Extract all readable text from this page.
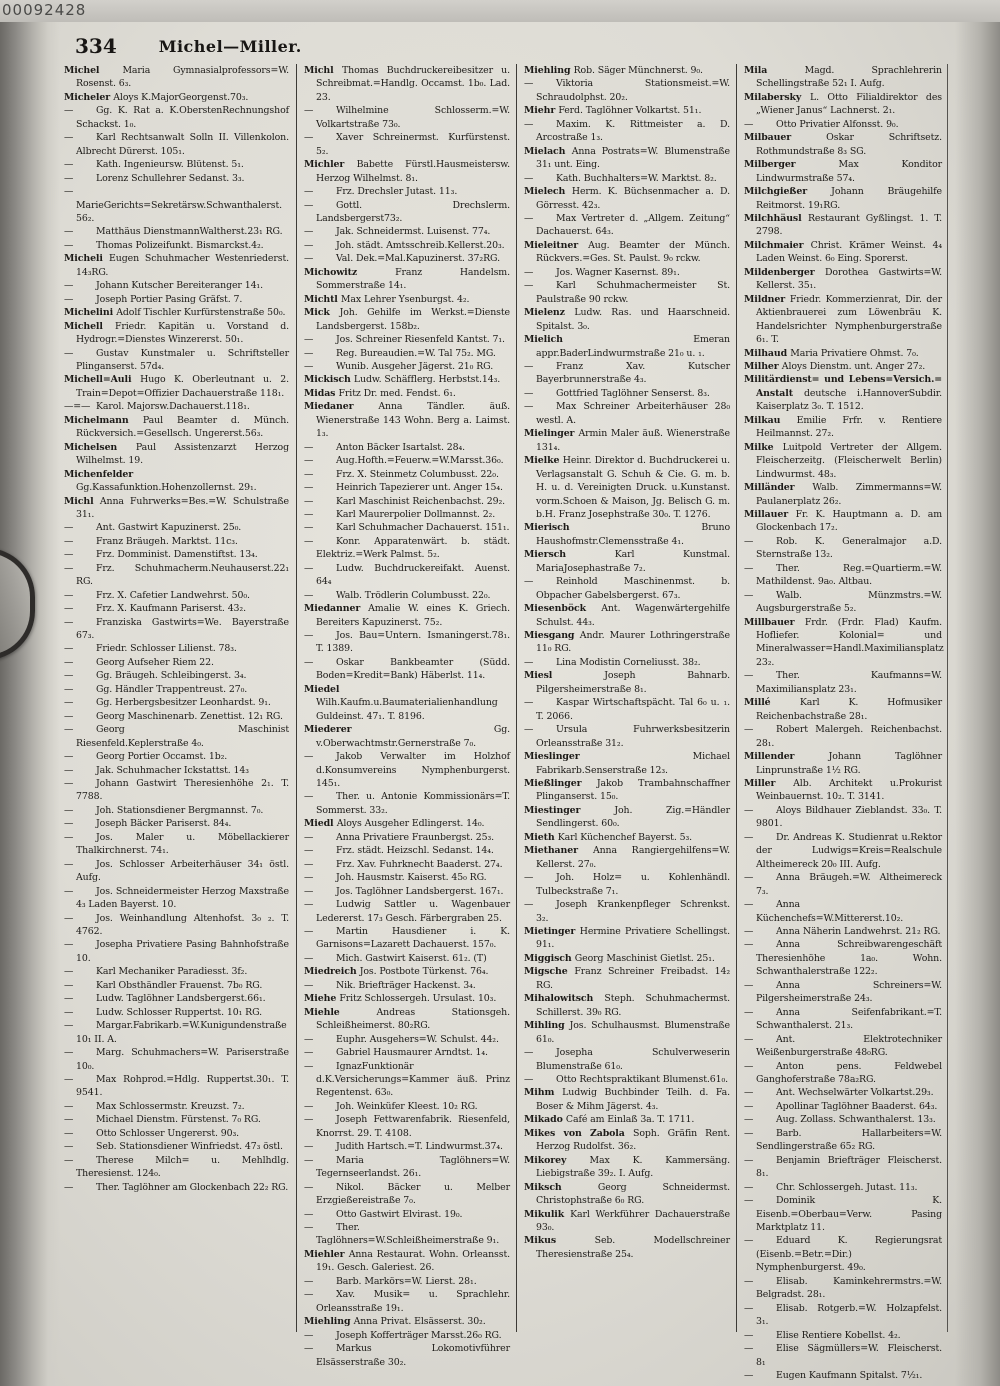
00092428
334	Michel—Miller.
Michel Maria Gymnasialprofessors=W. Rosenst. 6₃.
Micheler Aloys K.MajorGeorgenst.70₃.
— Gg. K. Rat a. K.OberstenRechnungshof Schackst. 1₀.
— Karl Rechtsanwalt Solln II. Villenkolon. Albrecht Dürerst. 105₁.
— Kath. Ingenieursw. Blütenst. 5₁.
— Lorenz Schullehrer Sedanst. 3₃.
—MarieGerichts=Sekretärsw.Schwanthalerst. 56₂.
— Matthäus DienstmannWaltherst.23₁ RG.
— Thomas Polizeifunkt. Bismarckst.4₂.
Micheli Eugen Schuhmacher Westenriederst. 14₃RG.
— Johann Kutscher Bereiteranger 14₁.
— Joseph Portier Pasing Gräfst. 7.
Michelini Adolf Tischler Kurfürstenstraße 50₀.
Michell Friedr. Kapitän u. Vorstand d. Hydrogr.=Dienstes Winzererst. 50₁.
— Gustav Kunstmaler u. Schriftsteller Plinganserst. 57d₄.
Michell=Auli Hugo K. Oberleutnant u. 2. Train=Depot=Offizier Dachauerstraße 118₁.
—=— Karol. Majorsw.Dachauerst.118₁.
Michelmann Paul Beamter d. Münch. Rückversich.=Gesellsch. Ungererst.56₃.
Michelsen Paul Assistenzarzt Herzog Wilhelmst. 19.
Michenfelder Gg.Kassafunktion.Hohenzollernst. 29₁.
Michl Anna Fuhrwerks=Bes.=W. Schulstraße 31₁.
— Ant. Gastwirt Kapuzinerst. 25₀.
— Franz Bräugeh. Marktst. 11c₃.
— Frz. Domminist. Damenstiftst. 13₄.
— Frz. Schuhmacherm.Neuhauserst.22₁ RG.
— Frz. X. Cafetier Landwehrst. 50₀.
— Frz. X. Kaufmann Pariserst. 43₂.
— Franziska Gastwirts=We. Bayerstraße 67₃.
— Friedr. Schlosser Lilienst. 78₃.
— Georg Aufseher Riem 22.
— Gg. Bräugeh. Schleibingerst. 3₄.
— Gg. Händler Trappentreust. 27₀.
— Gg. Herbergsbesitzer Leonhardst. 9₁.
— Georg Maschinenarb. Zenettist. 12₁ RG.
— Georg Maschinist Riesenfeld.Keplerstraße 4₀.
— Georg Portier Occamst. 1b₂.
— Jak. Schuhmacher Ickstattst. 14₃
— Johann Gastwirt Theresienhöhe 2₁. T. 7788.
— Joh. Stationsdiener Bergmannst. 7₀.
— Joseph Bäcker Pariserst. 84₄.
— Jos. Maler u. Möbellackierer Thalkirchnerst. 74₁.
— Jos. Schlosser Arbeiterhäuser 34₁ östl. Aufg.
— Jos. Schneidermeister Herzog Maxstraße 4₃ Laden Bayerst. 10.
— Jos. Weinhandlung Altenhofst. 3₀ ₂. T. 4762.
— Josepha Privatiere Pasing Bahnhofstraße 10.
— Karl Mechaniker Paradiesst. 3f₂.
— Karl Obsthändler Frauenst. 7b₀ RG.
— Ludw. Taglöhner Landsbergerst.66₁.
— Ludw. Schlosser Ruppertst. 10₁ RG.
— Margar.Fabrikarb.=W.Kunigundenstraße 10₁ II. A.
— Marg. Schuhmachers=W. Pariserstraße 10₀.
— Max Rohprod.=Hdlg. Ruppertst.30₁. T. 9541.
— Max Schlossermstr. Kreuzst. 7₂.
— Michael Dienstm. Fürstenst. 7₀ RG.
— Otto Schlosser Ungererst. 90₃.
— Seb. Stationsdiener Winfriedst. 47₃ östl.
— Therese Milch= u. Mehlhdlg. Theresienst. 124₀.
— Ther. Taglöhner am Glockenbach 22₂ RG.
Michl Thomas Buchdruckereibesitzer u. Schreibmat.=Handlg. Occamst. 1b₀. Lad. 23.
— Wilhelmine Schlosserm.=W. Volkartstraße 73₀.
— Xaver Schreinermst. Kurfürstenst. 5₂.
Michler Babette Fürstl.Hausmeistersw. Herzog Wilhelmst. 8₁.
— Frz. Drechsler Jutast. 11₃.
— Gottl. Drechslerm. Landsbergerst73₂.
— Jak. Schneidermst. Luisenst. 77₄.
— Joh. städt. Amtsschreib.Kellerst.20₃.
— Val. Dek.=Mal.Kapuzinerst. 37₂RG.
Michowitz Franz Handelsm. Sommerstraße 14₁.
Michtl Max Lehrer Ysenburgst. 4₂.
Mick Joh. Gehilfe im Werkst.=Dienste Landsbergerst. 158b₂.
— Jos. Schreiner Riesenfeld Kantst. 7₁.
— Reg. Bureaudien.=W. Tal 75₂. MG.
— Wunib. Ausgeher Jägerst. 21₀ RG.
Mickisch Ludw. Schäfflerg. Herbstst.14₃.
Midas Fritz Dr. med. Fendst. 6₁.
Miedaner Anna Tändler. äuß. Wienerstraße 143 Wohn. Berg a. Laimst. 1₃.
— Anton Bäcker Isartalst. 28₄.
— Aug.Hofth.=Feuerw.=W.Marsst.36₀.
— Frz. X. Steinmetz Columbusst. 22₀.
— Heinrich Tapezierer unt. Anger 15₄.
— Karl Maschinist Reichenbachst. 29₂.
— Karl Maurerpolier Dollmannst. 2₂.
— Karl Schuhmacher Dachauerst. 151₁.
— Konr. Apparatenwärt. b. städt. Elektriz.=Werk Palmst. 5₂.
— Ludw. Buchdruckereifakt. Auenst. 64₄
— Walb. Trödlerin Columbusst. 22₀.
Miedanner Amalie W. eines K. Griech. Bereiters Kapuzinerst. 75₂.
— Jos. Bau=Untern. Ismaningerst.78₁. T. 1389.
— Oskar Bankbeamter (Südd. Boden=Kredit=Bank) Häberlst. 11₄.
Miedel Wilh.Kaufm.u.Baumaterialienhandlung Guldeinst. 47₁. T. 8196.
Miederer Gg. v.Oberwachtmstr.Gernerstraße 7₀.
— Jakob Verwalter im Holzhof d.Konsumvereins Nymphenburgerst. 145₁.
— Ther. u. Antonie Kommissionärs=T. Sommerst. 33₂.
Miedl Aloys Ausgeher Edlingerst. 14₀.
— Anna Privatiere Fraunbergst. 25₃.
— Frz. städt. Heizschl. Sedanst. 14₄.
— Frz. Xav. Fuhrknecht Baaderst. 27₄.
— Joh. Hausmstr. Kaiserst. 45₀ RG.
— Jos. Taglöhner Landsbergerst. 167₁.
— Ludwig Sattler u. Wagenbauer Ledererst. 17₃ Gesch. Färbergraben 25.
— Martin Hausdiener i. K. Garnisons=Lazarett Dachauerst. 157₀.
— Mich. Gastwirt Kaiserst. 61₂. (T)
Miedreich Jos. Postbote Türkenst. 76₄.
— Nik. Briefträger Hackenst. 3₄.
Miehe Fritz Schlossergeh. Ursulast. 10₃.
Miehle Andreas Stationsgeh. Schleißheimerst. 80₂RG.
— Euphr. Ausgehers=W. Schulst. 44₂.
— Gabriel Hausmaurer Arndtst. 1₄.
— IgnazFunktionär d.K.Versicherungs=Kammer äuß. Prinz Regentenst. 63₀.
— Joh. Weinküfer Kleest. 10₂ RG.
— Joseph Fettwarenfabrik. Riesenfeld, Knorrst. 29. T. 4108.
— Judith Hartsch.=T. Lindwurmst.37₄.
— Maria Taglöhners=W. Tegernseerlandst. 26₁.
— Nikol. Bäcker u. Melber Erzgießereistraße 7₀.
— Otto Gastwirt Elvirast. 19₀.
— Ther. Taglöhners=W.Schleißheimerstraße 9₁.
Miehler Anna Restaurat. Wohn. Orleansst. 19₁. Gesch. Galeriest. 26.
— Barb. Markörs=W. Lierst. 28₁.
— Xav. Musik= u. Sprachlehr. Orleansstraße 19₁.
Miehling Anna Privat. Elsässerst. 30₂.
— Joseph Kofferträger Marsst.26₀ RG.
— Markus Lokomotivführer Elsässerstraße 30₂.
Miehling Rob. Säger Münchnerst. 9₀.
— Viktoria Stationsmeist.=W. Schraudolphst. 20₂.
Miehr Ferd. Taglöhner Volkartst. 51₁.
— Maxim. K. Rittmeister a. D. Arcostraße 1₃.
Mielach Anna Postrats=W. Blumenstraße 31₁ unt. Eing.
— Kath. Buchhalters=W. Marktst. 8₂.
Mielech Herm. K. Büchsenmacher a. D. Görresst. 42₃.
— Max Vertreter d. „Allgem. Zeitung“ Dachauerst. 64₃.
Mieleitner Aug. Beamter der Münch. Rückvers.=Ges. St. Paulst. 9₀ rckw.
— Jos. Wagner Kasernst. 89₁.
— Karl Schuhmachermeister St. Paulstraße 90 rckw.
Mielenz Ludw. Ras. und Haarschneid. Spitalst. 3₀.
Mielich Emeran appr.BaderLindwurmstraße 21₀ u. ₁.
— Franz Xav. Kutscher Bayerbrunnerstraße 4₃.
— Gottfried Taglöhner Senserst. 8₃.
— Max Schreiner Arbeiterhäuser 28₀ westl. A.
Mielinger Armin Maler äuß. Wienerstraße 131₄.
Mielke Heinr. Direktor d. Buchdruckerei u. Verlagsanstalt G. Schuh & Cie. G. m. b. H. u. d. Vereinigten Druck. u.Kunstanst. vorm.Schoen & Maison, Jg. Belisch G. m. b.H. Franz Josephstraße 30₀. T. 1276.
Mierisch Bruno Haushofmstr.Clemensstraße 4₁.
Miersch Karl Kunstmal. MariaJosephastraße 7₂.
— Reinhold Maschinenmst. b. Obpacher Gabelsbergerst. 67₃.
Miesenböck Ant. Wagenwärtergehilfe Schulst. 44₃.
Miesgang Andr. Maurer Lothringerstraße 11₀ RG.
— Lina Modistin Corneliusst. 38₂.
Miesl Joseph Bahnarb. Pilgersheimerstraße 8₁.
— Kaspar Wirtschaftspächt. Tal 6₀ u. ₁. T. 2066.
— Ursula Fuhrwerksbesitzerin Orleansstraße 31₂.
Mieslinger Michael Fabrikarb.Senserstraße 12₃.
Mießlinger Jakob Trambahnschaffner Plinganserst. 15₀.
Miestinger Joh. Zig.=Händler Sendlingerst. 60₀.
Mieth Karl Küchenchef Bayerst. 5₃.
Miethaner Anna Rangiergehilfens=W. Kellerst. 27₀.
— Joh. Holz= u. Kohlenhändl. Tulbeckstraße 7₁.
— Joseph Krankenpfleger Schrenkst. 3₂.
Mietinger Hermine Privatiere Schellingst. 91₁.
Miggisch Georg Maschinist Gietlst. 25₁.
Migsche Franz Schreiner Freibadst. 14₂ RG.
Mihalowitsch Steph. Schuhmachermst. Schillerst. 39₀ RG.
Mihling Jos. Schulhausmst. Blumenstraße 61₀.
— Josepha Schulverweserin Blumenstraße 61₀.
— Otto Rechtspraktikant Blumenst.61₀.
Mihm Ludwig Buchbinder Teilh. d. Fa. Boser & Mihm Jägerst. 4₃.
Mikado Café am Einlaß 3a. T. 1711.
Mikes von Zabola Soph. Gräfin Rent. Herzog Rudolfst. 36₂.
Mikorey Max K. Kammersäng. Liebigstraße 39₂. I. Aufg.
Miksch Georg Schneidermst. Christophstraße 6₀ RG.
Mikulik Karl Werkführer Dachauerstraße 93₀.
Mikus Seb. Modellschreiner Theresienstraße 25₄.
Mila Magd. Sprachlehrerin Schellingstraße 52₁ I. Aufg.
Milabersky L. Otto Filialdirektor des „Wiener Janus“ Lachnerst. 2₁.
— Otto Privatier Alfonsst. 9₀.
Milbauer Oskar Schriftsetz. Rothmundstraße 8₃ SG.
Milberger Max Konditor Lindwurmstraße 57₄.
Milchgießer Johann Bräugehilfe Reitmorst. 19₁RG.
Milchhäusl Restaurant Gyßlingst. 1. T. 2798.
Milchmaier Christ. Krämer Weinst. 4₄ Laden Weinst. 6₀ Eing. Sporerst.
Mildenberger Dorothea Gastwirts=W. Kellerst. 35₁.
Mildner Friedr. Kommerzienrat, Dir. der Aktienbrauerei zum Löwenbräu K. Handelsrichter Nymphenburgerstraße 6₁. T.
Milhaud Maria Privatiere Ohmst. 7₀.
Milher Aloys Dienstm. unt. Anger 27₂.
Militärdienst= und Lebens=Versich.= Anstalt deutsche i.HannoverSubdir. Kaiserplatz 3₀. T. 1512.
Milkau Emilie Frfr. v. Rentiere Heilmannst. 27₂.
Milke Luitpold Vertreter der Allgem. Fleischerzeitg. (Fleischerwelt Berlin) Lindwurmst. 48₃.
Milländer Walb. Zimmermanns=W. Paulanerplatz 26₂.
Millauer Fr. K. Hauptmann a. D. am Glockenbach 17₂.
— Rob. K. Generalmajor a.D. Sternstraße 13₂.
— Ther. Reg.=Quartierm.=W. Mathildenst. 9a₀. Altbau.
— Walb. Münzmstrs.=W. Augsburgerstraße 5₂.
Millbauer Frdr. (Frdr. Flad) Kaufm. Hofliefer. Kolonial= und Mineralwasser=Handl.Maximiliansplatz 23₂.
— Ther. Kaufmanns=W. Maximiliansplatz 23₁.
Millé Karl K. Hofmusiker Reichenbachstraße 28₁.
— Robert Malergeh. Reichenbachst. 28₁.
Millender Johann Taglöhner Linprunstraße 1½ RG.
Miller Alb. Architekt u.Prokurist Weinbauernst. 10₂. T. 3141.
— Aloys Bildhauer Zieblandst. 33₀. T. 9801.
— Dr. Andreas K. Studienrat u.Rektor der Ludwigs=Kreis=Realschule Altheimereck 20₀ III. Aufg.
— Anna Bräugeh.=W. Altheimereck 7₃.
— Anna Küchenchefs=W.Mittererst.10₂.
— Anna Näherin Landwehrst. 21₂ RG.
— Anna Schreibwarengeschäft Theresienhöhe 1a₀. Wohn. Schwanthalerstraße 122₂.
— Anna Schreiners=W. Pilgersheimerstraße 24₃.
— Anna Seifenfabrikant.=T. Schwanthalerst. 21₃.
— Ant. Elektrotechniker Weißenburgerstraße 48₀RG.
— Anton pens. Feldwebel Ganghoferstraße 78a₂RG.
— Ant. Wechselwärter Volkartst.29₃.
— Apollinar Taglöhner Baaderst. 64₃.
— Aug. Zollass. Schwanthalerst. 13₃.
— Barb. Hallarbeiters=W. Sendlingerstraße 65₂ RG.
— Benjamin Briefträger Fleischerst. 8₁.
— Chr. Schlossergeh. Jutast. 11₃.
— Dominik K. Eisenb.=Oberbau=Verw. Pasing Marktplatz 11.
— Eduard K. Regierungsrat (Eisenb.=Betr.=Dir.) Nymphenburgerst. 49₀.
— Elisab. Kaminkehrermstrs.=W. Belgradst. 28₁.
— Elisab. Rotgerb.=W. Holzapfelst. 3₁.
— Elise Rentiere Kobellst. 4₂.
— Elise Sägmüllers=W. Fleischerst. 8₁
— Eugen Kaufmann Spitalst. 7½₁.
